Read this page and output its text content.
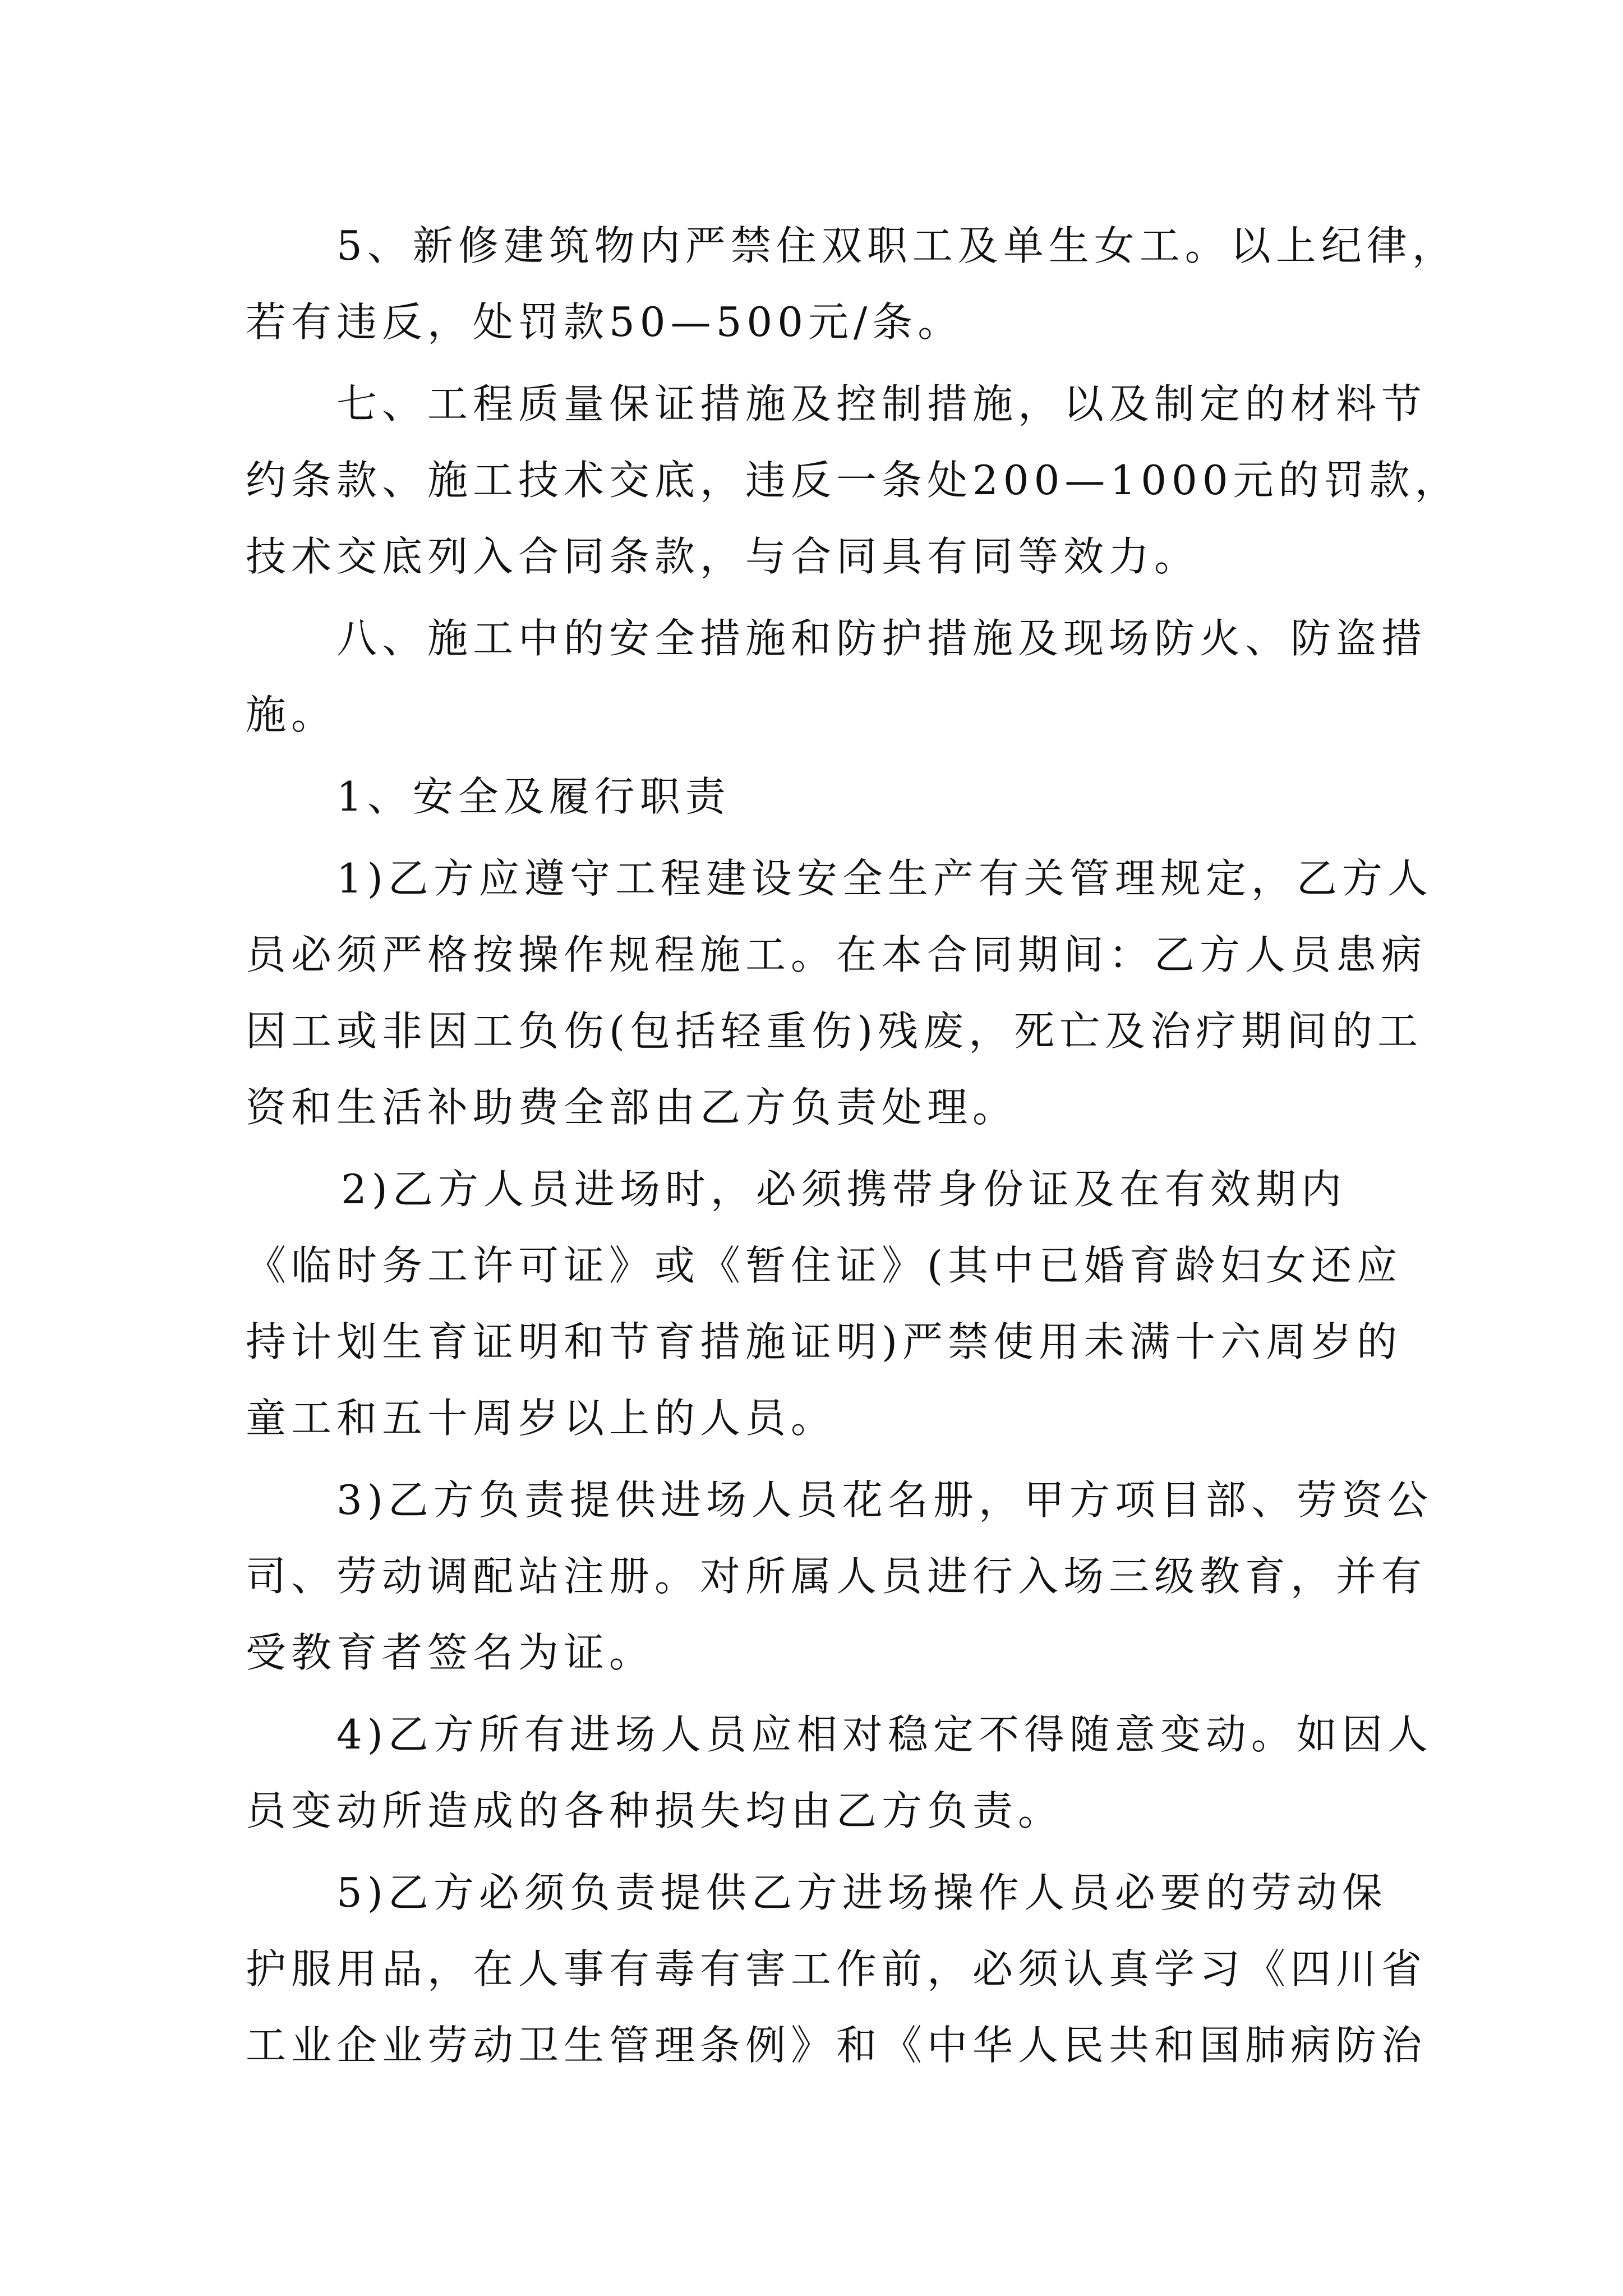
5、新修建筑物内严禁住双职工及单生女工。以上纪律，
若有违反，处罚款50—500元/条。
七、工程质量保证措施及控制措施，以及制定的材料节
约条款、施工技术交底，违反一条处200—1000元的罚款，
技术交底列入合同条款，与合同具有同等效力。
八、施工中的安全措施和防护措施及现场防火、防盗措
施。
1、安全及履行职责
1)乙方应遵守工程建设安全生产有关管理规定，乙方人
员必须严格按操作规程施工。在本合同期间：乙方人员患病
因工或非因工负伤(包括轻重伤)残废，死亡及治疗期间的工
资和生活补助费全部由乙方负责处理。
2)乙方人员进场时，必须携带身份证及在有效期内
《临时务工许可证》或《暂住证》(其中已婚育龄妇女还应
持计划生育证明和节育措施证明)严禁使用未满十六周岁的
童工和五十周岁以上的人员。
3)乙方负责提供进场人员花名册，甲方项目部、劳资公
司、劳动调配站注册。对所属人员进行入场三级教育，并有
受教育者签名为证。
4)乙方所有进场人员应相对稳定不得随意变动。如因人
员变动所造成的各种损失均由乙方负责。
5)乙方必须负责提供乙方进场操作人员必要的劳动保
护服用品，在人事有毒有害工作前，必须认真学习《四川省
工业企业劳动卫生管理条例》和《中华人民共和国肺病防治
